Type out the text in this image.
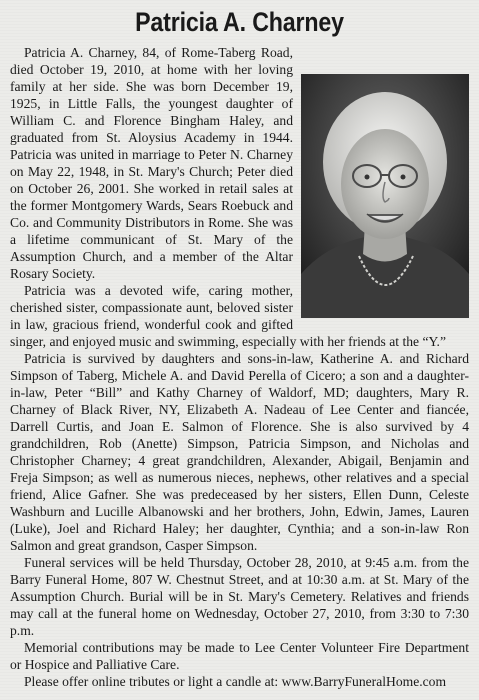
Patricia A. Charney

Patricia A. Charney, 84, of Rome-Taberg Road, died October 19, 2010, at home with her loving family at her side. She was born December 19, 1925, in Little Falls, the youngest daughter of William C. and Florence Bingham Haley, and graduated from St. Aloysius Academy in 1944. Patricia was united in marriage to Peter N. Charney on May 22, 1948, in St. Mary's Church; Peter died on October 26, 2001. She worked in retail sales at the former Montgomery Wards, Sears Roebuck and Co. and Community Distributors in Rome. She was a lifetime communicant of St. Mary of the Assumption Church, and a member of the Altar Rosary Society.

Patricia was a devoted wife, caring mother, cherished sister, compassionate aunt, beloved sister in law, gracious friend, wonderful cook and gifted singer, and enjoyed music and swimming, especially with her friends at the “Y.”

Patricia is survived by daughters and sons-in-law, Katherine A. and Richard Simpson of Taberg, Michele A. and David Perella of Cicero; a son and a daughter-in-law, Peter “Bill” and Kathy Charney of Waldorf, MD; daughters, Mary R. Charney of Black River, NY, Elizabeth A. Nadeau of Lee Center and fiancée, Darrell Curtis, and Joan E. Salmon of Florence. She is also survived by 4 grandchildren, Rob (Anette) Simpson, Patricia Simpson, and Nicholas and Christopher Charney; 4 great grandchildren, Alexander, Abigail, Benjamin and Freja Simpson; as well as numerous nieces, nephews, other relatives and a special friend, Alice Gafner. She was predeceased by her sisters, Ellen Dunn, Celeste Washburn and Lucille Albanowski and her brothers, John, Edwin, James, Lauren (Luke), Joel and Richard Haley; her daughter, Cynthia; and a son-in-law Ron Salmon and great grandson, Casper Simpson.

Funeral services will be held Thursday, October 28, 2010, at 9:45 a.m. from the Barry Funeral Home, 807 W. Chestnut Street, and at 10:30 a.m. at St. Mary of the Assumption Church. Burial will be in St. Mary's Cemetery. Relatives and friends may call at the funeral home on Wednesday, October 27, 2010, from 3:30 to 7:30 p.m.

Memorial contributions may be made to Lee Center Volunteer Fire Department or Hospice and Palliative Care.

Please offer online tributes or light a candle at: www.BarryFuneralHome.com
